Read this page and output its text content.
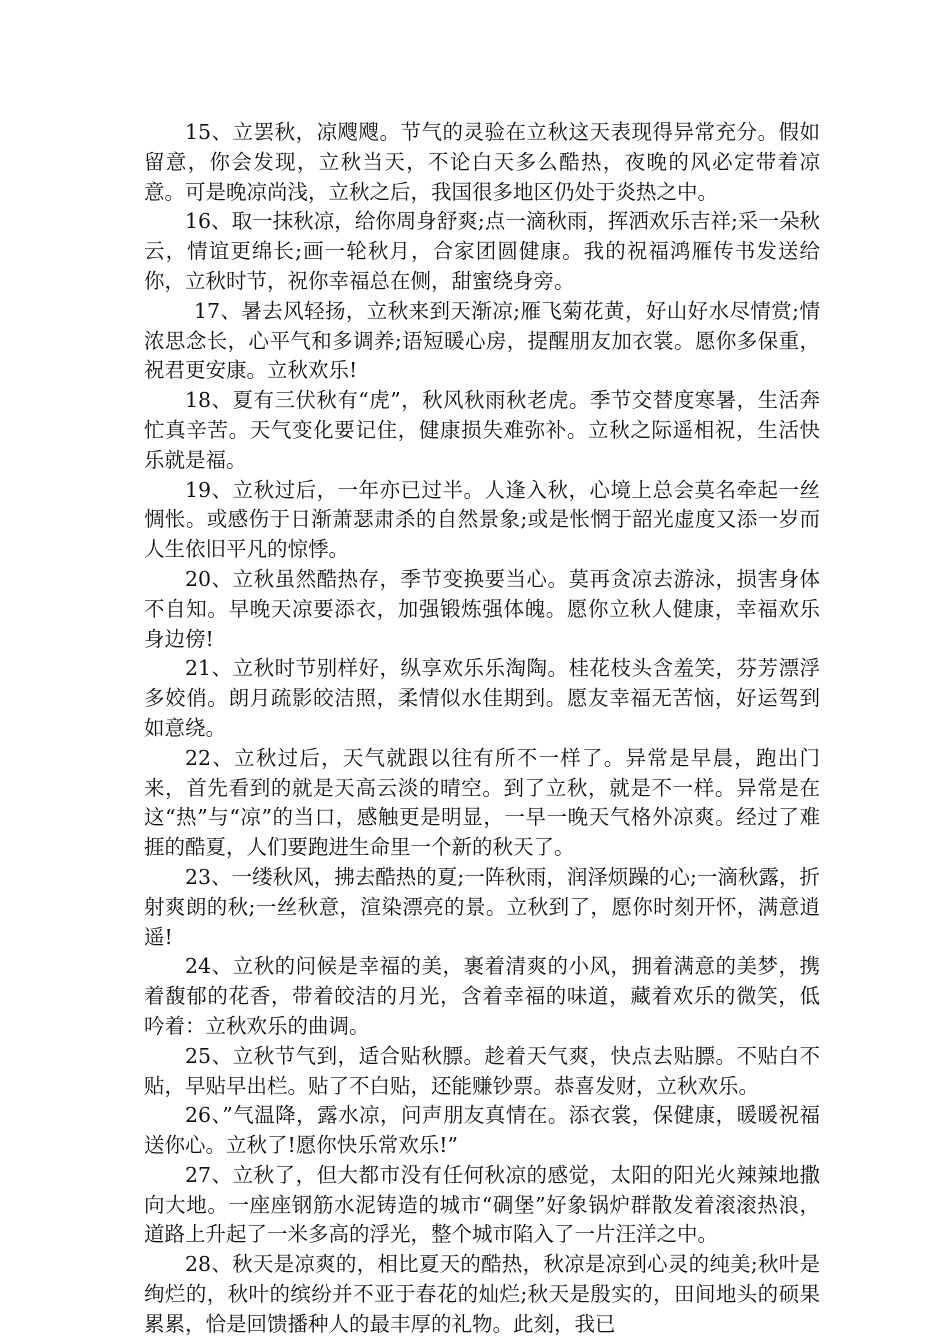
15、立罢秋，凉飕飕。节气的灵验在立秋这天表现得异常充分。假如留意，你会发现，立秋当天，不论白天多么酷热，夜晚的风必定带着凉意。可是晚凉尚浅，立秋之后，我国很多地区仍处于炎热之中。

16、取一抹秋凉，给你周身舒爽;点一滴秋雨，挥洒欢乐吉祥;采一朵秋云，情谊更绵长;画一轮秋月，合家团圆健康。我的祝福鸿雁传书发送给你，立秋时节，祝你幸福总在侧，甜蜜绕身旁。

17、暑去风轻扬，立秋来到天渐凉;雁飞菊花黄，好山好水尽情赏;情浓思念长，心平气和多调养;语短暖心房，提醒朋友加衣裳。愿你多保重，祝君更安康。立秋欢乐!

18、夏有三伏秋有“虎”，秋风秋雨秋老虎。季节交替度寒暑，生活奔忙真辛苦。天气变化要记住，健康损失难弥补。立秋之际遥相祝，生活快乐就是福。

19、立秋过后，一年亦已过半。人逢入秋，心境上总会莫名牵起一丝惆怅。或感伤于日渐萧瑟肃杀的自然景象;或是怅惘于韶光虚度又添一岁而人生依旧平凡的惊悸。

20、立秋虽然酷热存，季节变换要当心。莫再贪凉去游泳，损害身体不自知。早晚天凉要添衣，加强锻炼强体魄。愿你立秋人健康，幸福欢乐身边傍!

21、立秋时节别样好，纵享欢乐乐淘陶。桂花枝头含羞笑，芬芳漂浮多姣俏。朗月疏影皎洁照，柔情似水佳期到。愿友幸福无苦恼，好运驾到如意绕。

22、立秋过后，天气就跟以往有所不一样了。异常是早晨，跑出门来，首先看到的就是天高云淡的晴空。到了立秋，就是不一样。异常是在这“热”与“凉”的当口，感触更是明显，一早一晚天气格外凉爽。经过了难捱的酷夏，人们要跑进生命里一个新的秋天了。

23、一缕秋风，拂去酷热的夏;一阵秋雨，润泽烦躁的心;一滴秋露，折射爽朗的秋;一丝秋意，渲染漂亮的景。立秋到了，愿你时刻开怀，满意逍遥!

24、立秋的问候是幸福的美，裹着清爽的小风，拥着满意的美梦，携着馥郁的花香，带着皎洁的月光，含着幸福的味道，藏着欢乐的微笑，低吟着：立秋欢乐的曲调。

25、立秋节气到，适合贴秋膘。趁着天气爽，快点去贴膘。不贴白不贴，早贴早出栏。贴了不白贴，还能赚钞票。恭喜发财，立秋欢乐。

26、”气温降，露水凉，问声朋友真情在。添衣裳，保健康，暖暖祝福送你心。立秋了!愿你快乐常欢乐!”

27、立秋了，但大都市没有任何秋凉的感觉，太阳的阳光火辣辣地撒向大地。一座座钢筋水泥铸造的城市“碉堡”好象锅炉群散发着滚滚热浪，道路上升起了一米多高的浮光，整个城市陷入了一片汪洋之中。

28、秋天是凉爽的，相比夏天的酷热，秋凉是凉到心灵的纯美;秋叶是绚烂的，秋叶的缤纷并不亚于春花的灿烂;秋天是殷实的，田间地头的硕果累累，恰是回馈播种人的最丰厚的礼物。此刻，我已
